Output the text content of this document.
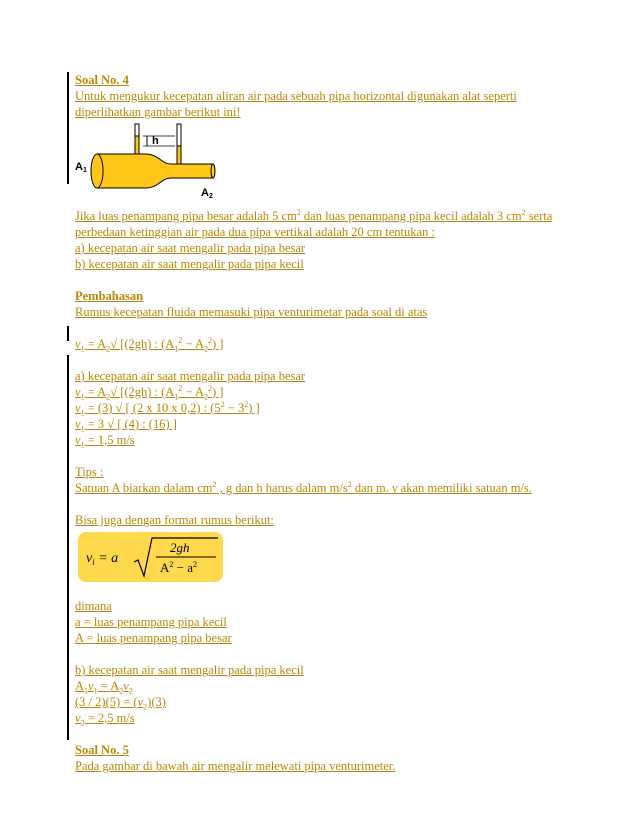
Soal No. 4

Untuk mengukur kecepatan aliran air pada sebuah pipa horizontal digunakan alat seperti

diperlihatkan gambar berikut ini!

h
A1
A2

Jika luas penampang pipa besar adalah 5 $cm^2$ dan luas penampang pipa kecil adalah 3 $cm^2$ serta

perbedaan ketinggian air pada dua pipa vertikal adalah 20 cm tentukan :

a) kecepatan air saat mengalir pada pipa besar

b) kecepatan air saat mengalir pada pipa kecil

Pembahasan

Rumus kecepatan fluida memasuki pipa venturimetar pada soal di atas

$v_1 = A_2√$ [(2gh) : $(A_1^2 - A_2^2)$ ]

a) kecepatan air saat mengalir pada pipa besar

$v_1 = A_2√$ [(2gh) : $(A_1^2 - A_2^2)$ ]

$v_1 = (3)$ √ [ (2 x 10 x 0,2) : $(5^2 - 3^2)$ ]

$v_1 = 3$ √ [ (4) : (16) ]

$v_1 = 1,5$ m/s

Tips :

Satuan A biarkan dalam $cm^2$ , g dan h harus dalam $m/s^2$ dan m. v akan memiliki satuan m/s.

Bisa juga dengan format rumus berikut:

$v_i = a$
2gh
$A^2 - a^2$

dimana

a = luas penampang pipa kecil

A = luas penampang pipa besar

b) kecepatan air saat mengalir pada pipa kecil

$A_1v_1 = A_2v_2$

$(3 / 2)(5) = (v_2)(3)$

$v_2 = 2,5$ m/s

Soal No. 5

Pada gambar di bawah air mengalir melewati pipa venturimeter.
